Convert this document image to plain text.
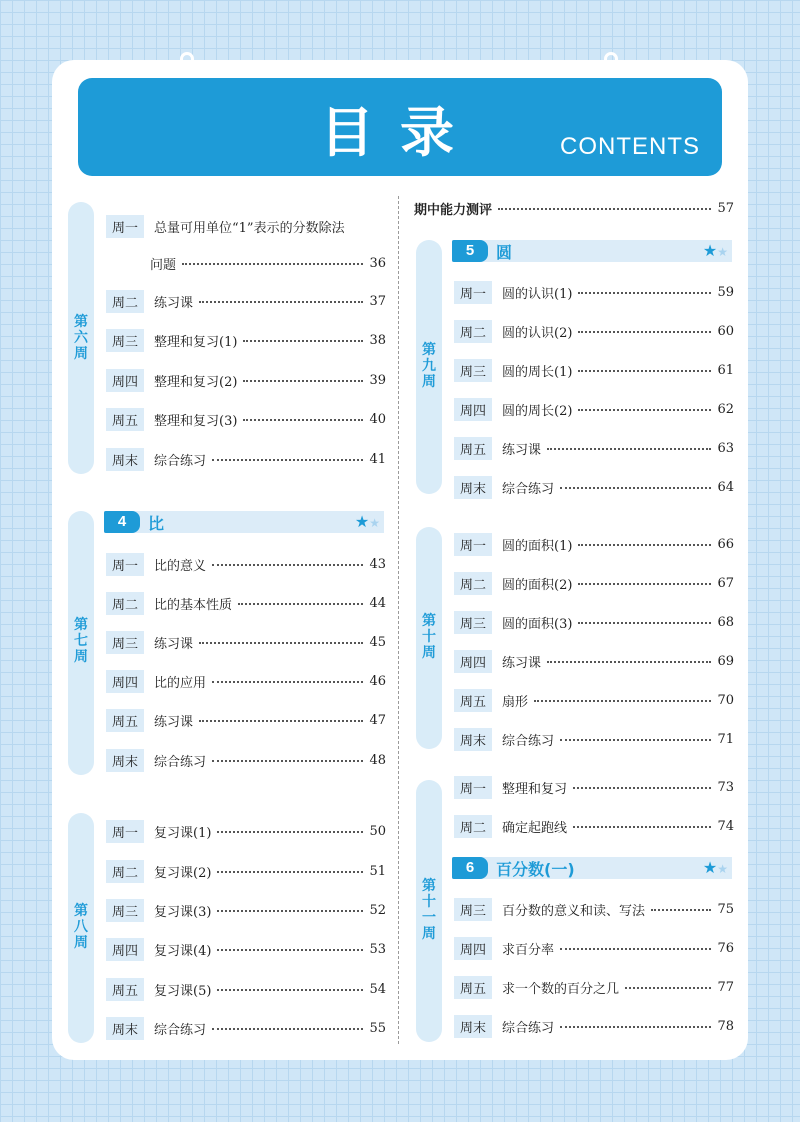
目录	CONTENTS
第
六
周
周一	总量可用单位“1”表示的分数除法
问题	36
周二	练习课	37
周三	整理和复习(1)	38
周四	整理和复习(2)	39
周五	整理和复习(3)	40
周末	综合练习	41
第
七
周
4	比	★★
周一	比的意义	43
周二	比的基本性质	44
周三	练习课	45
周四	比的应用	46
周五	练习课	47
周末	综合练习	48
第
八
周
周一	复习课(1)	50
周二	复习课(2)	51
周三	复习课(3)	52
周四	复习课(4)	53
周五	复习课(5)	54
周末	综合练习	55
期中能力测评	57
第
九
周
5	圆	★★
周一	圆的认识(1)	59
周二	圆的认识(2)	60
周三	圆的周长(1)	61
周四	圆的周长(2)	62
周五	练习课	63
周末	综合练习	64
第
十
周
周一	圆的面积(1)	66
周二	圆的面积(2)	67
周三	圆的面积(3)	68
周四	练习课	69
周五	扇形	70
周末	综合练习	71
第
十
一
周
周一	整理和复习	73
周二	确定起跑线	74
6	百分数(一)	★★
周三	百分数的意义和读、写法	75
周四	求百分率	76
周五	求一个数的百分之几	77
周末	综合练习	78
